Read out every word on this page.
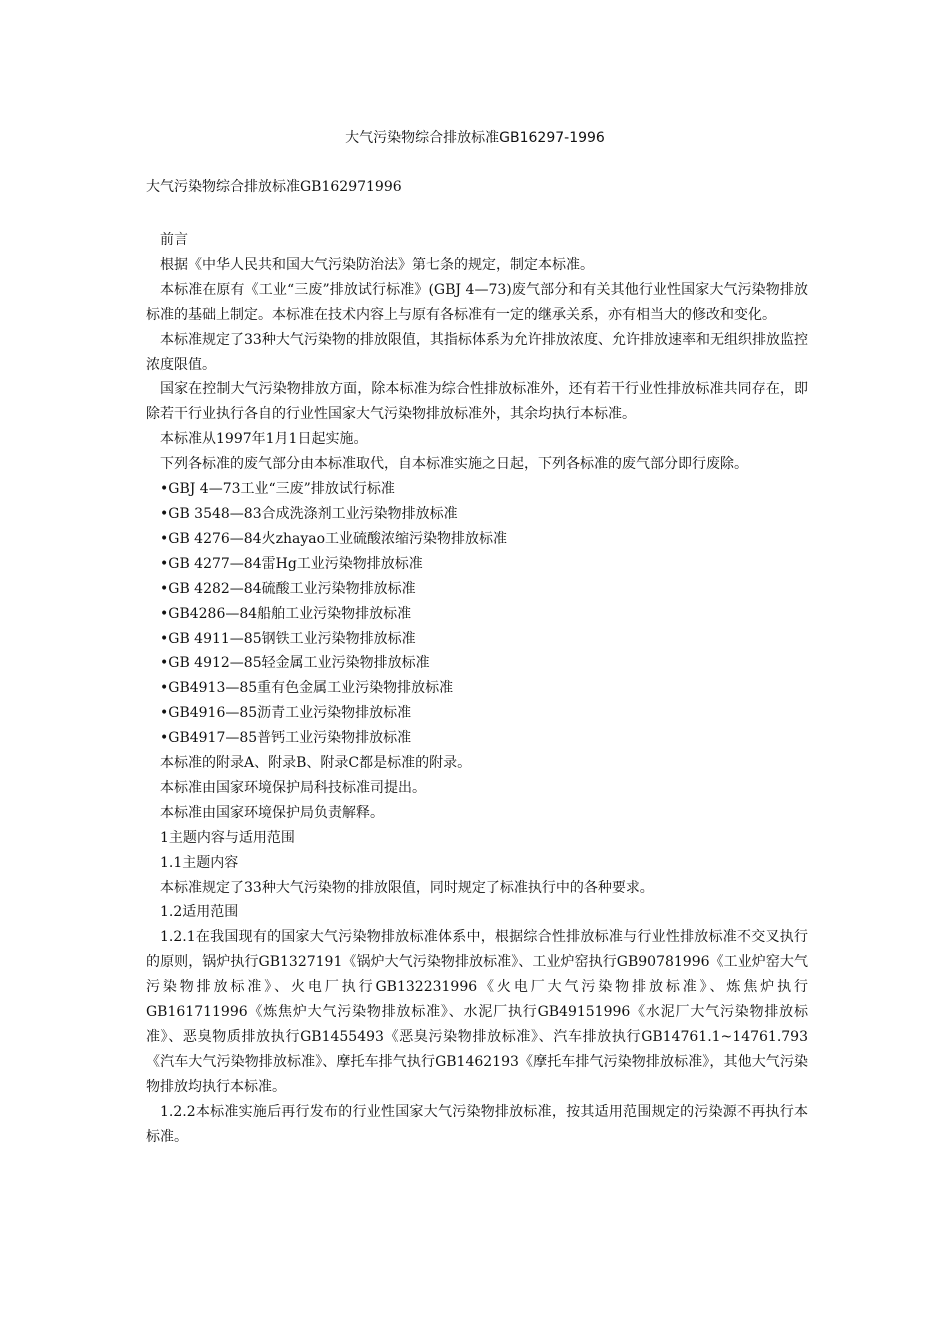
大气污染物综合排放标准GB16297-1996
大气污染物综合排放标准GB162971996

前言

根据《中华人民共和国大气污染防治法》第七条的规定，制定本标准。

本标准在原有《工业“三废”排放试行标准》(GBJ 4—73)废气部分和有关其他行业性国家大气污染物排放标准的基础上制定。本标准在技术内容上与原有各标准有一定的继承关系，亦有相当大的修改和变化。

本标准规定了33种大气污染物的排放限值，其指标体系为允许排放浓度、允许排放速率和无组织排放监控浓度限值。

国家在控制大气污染物排放方面，除本标准为综合性排放标准外，还有若干行业性排放标准共同存在，即除若干行业执行各自的行业性国家大气污染物排放标准外，其余均执行本标准。

本标准从1997年1月1日起实施。

下列各标准的废气部分由本标准取代，自本标准实施之日起，下列各标准的废气部分即行废除。

•GBJ 4—73工业“三废”排放试行标准

•GB 3548—83合成洗涤剂工业污染物排放标准

•GB 4276—84火zhayao工业硫酸浓缩污染物排放标准

•GB 4277—84雷Hg工业污染物排放标准

•GB 4282—84硫酸工业污染物排放标准

•GB4286—84船舶工业污染物排放标准

•GB 4911—85钢铁工业污染物排放标准

•GB 4912—85轻金属工业污染物排放标准

•GB4913—85重有色金属工业污染物排放标准

•GB4916—85沥青工业污染物排放标准

•GB4917—85普钙工业污染物排放标准

本标准的附录A、附录B、附录C都是标准的附录。

本标准由国家环境保护局科技标准司提出。

本标准由国家环境保护局负责解释。

1主题内容与适用范围

1.1主题内容

本标准规定了33种大气污染物的排放限值，同时规定了标准执行中的各种要求。

1.2适用范围

1.2.1在我国现有的国家大气污染物排放标准体系中，根据综合性排放标准与行业性排放标准不交叉执行的原则，锅炉执行GB1327191《锅炉大气污染物排放标准》、工业炉窑执行GB90781996《工业炉窑大气污染物排放标准》、火电厂执行GB132231996《火电厂大气污染物排放标准》、炼焦炉执行GB161711996《炼焦炉大气污染物排放标准》、水泥厂执行GB49151996《水泥厂大气污染物排放标准》、恶臭物质排放执行GB1455493《恶臭污染物排放标准》、汽车排放执行GB14761.1~14761.793《汽车大气污染物排放标准》、摩托车排气执行GB1462193《摩托车排气污染物排放标准》，其他大气污染物排放均执行本标准。

1.2.2本标准实施后再行发布的行业性国家大气污染物排放标准，按其适用范围规定的污染源不再执行本标准。
